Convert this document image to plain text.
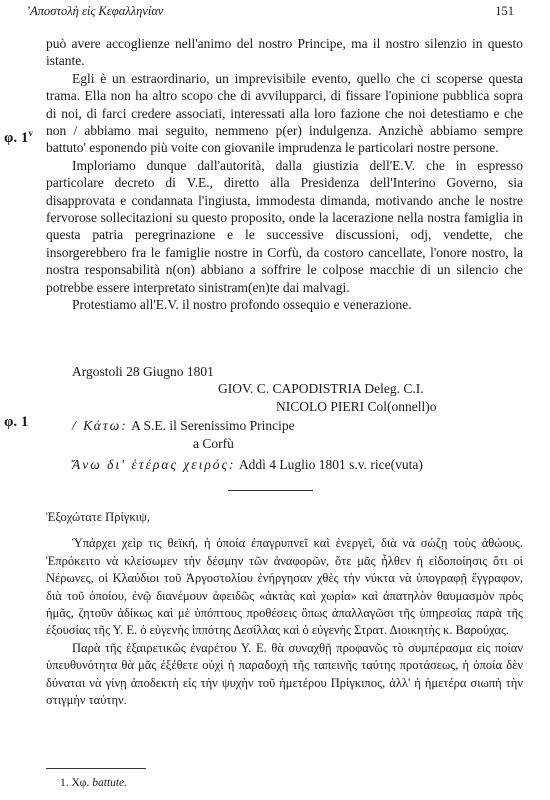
’Αποστολὴ εἰς Κεφαλληνίαν	151
φ. 1$^v$
φ. 1

può avere accoglienze nell'animo del nostro Principe, ma il nostro silenzio in questo istante.

Egli è un estraordinario, un imprevisibile evento, quello che ci scoperse questa trama. Ella non ha altro scopo che di avvilupparci, di fissare l'opinione pubblica sopra di noi, di farci credere associati, interessati alla loro fazione che noi detestiamo e che non / abbiamo mai seguito, nemmeno p(er) indulgenza. Anzichè abbiamo sempre battuto' esponendo più voite con giovanile imprudenza le particolari nostre persone.

Imploriamo dunque dall'autorità, dalla giustizia dell'E.V. che in espresso particolare decreto di V.E., diretto alla Presidenza dell'Interino Governo, sia disapprovata e condannata l'ingiusta, immodesta dimanda, motivando anche le nostre fervorose sollecitazioni su questo proposito, onde la lacerazione nella nostra famiglia in questa patria peregrinazione e le successive discussioni, odj, vendette, che insorgerebbero fra le famiglie nostre in Corfù, da costoro cancellate, l'onore nostro, la nostra responsabilità n(on) abbiano a soffrire le colpose macchie di un silencio che potrebbe essere interpretato sinistram(en)te dai malvagi.

Protestiamo all'E.V. il nostro profondo ossequio e venerazione.

Argostoli 28 Giugno 1801
GIOV. C. CAPODISTRIA Deleg. C.I.
NICOLO PIERI Col(onnell)o
/ Κάτω: A S.E. il Serenissimo Principe
a Corfù
Ἄνω δι' ἑτέρας χειρός: Addì 4 Luglio 1801 s.v. rice(vuta)

Ἐξοχώτατε Πρίγκιψ,

Ὑπάρχει χεὶρ τις θεϊκή, ἡ ὁποία ἐπαγρυπνεῖ καὶ ἐνεργεῖ, διὰ νὰ σώζῃ τοὺς ἀθώους. Ἐπρόκειτο νὰ κλείσωμεν τὴν δέσμην τῶν ἀναφορῶν, ὅτε μᾶς ἦλθεν ἡ εἰδοποίησις ὅτι οἱ Νέρωνες, οἱ Κλαύδιοι τοῦ Ἀργοστολίου ἐνήργησαν χθὲς τὴν νύκτα νὰ ὑπογραφῇ ἔγγραφον, διὰ τοῦ ὁποίου, ἐνῷ διανέμουν ἀφειδῶς «ἀκτὰς καὶ χωρία» καὶ ἀπατηλὸν θαυμασμὸν πρὸς ἡμᾶς, ζητοῦν ἀδίκως καὶ μὲ ὑπόπτους προθέσεις ὅπως ἀπαλλαγῶσι τῆς ὑπηρεσίας παρὰ τῆς ἐξουσίας τῆς Υ. Ε. ὁ εὐγενὴς ἱππότης Δεσίλλας καὶ ὁ εὐγενὴς Στρατ. Διοικητὴς κ. Βαρούχας.

Παρὰ τῆς ἐξαιρετικῶς ἐναρέτου Υ. Ε. θὰ συναχθῇ προφανῶς τὸ συμπέρασμα εἰς ποίαν ὑπευθυνότητα θὰ μᾶς ἐξέθετε οὐχὶ ἡ παραδοχὴ τῆς ταπεινῆς ταύτης προτάσεως, ἡ ὁποία δὲν δύναται νὰ γίνῃ ἀποδεκτὴ εἰς τὴν ψυχὴν τοῦ ἡμετέρου Πρίγκιπος, ἀλλ' ἡ ἡμετέρα σιωπὴ τὴν στιγμὴν ταύτην.

1. Χφ. battute.
